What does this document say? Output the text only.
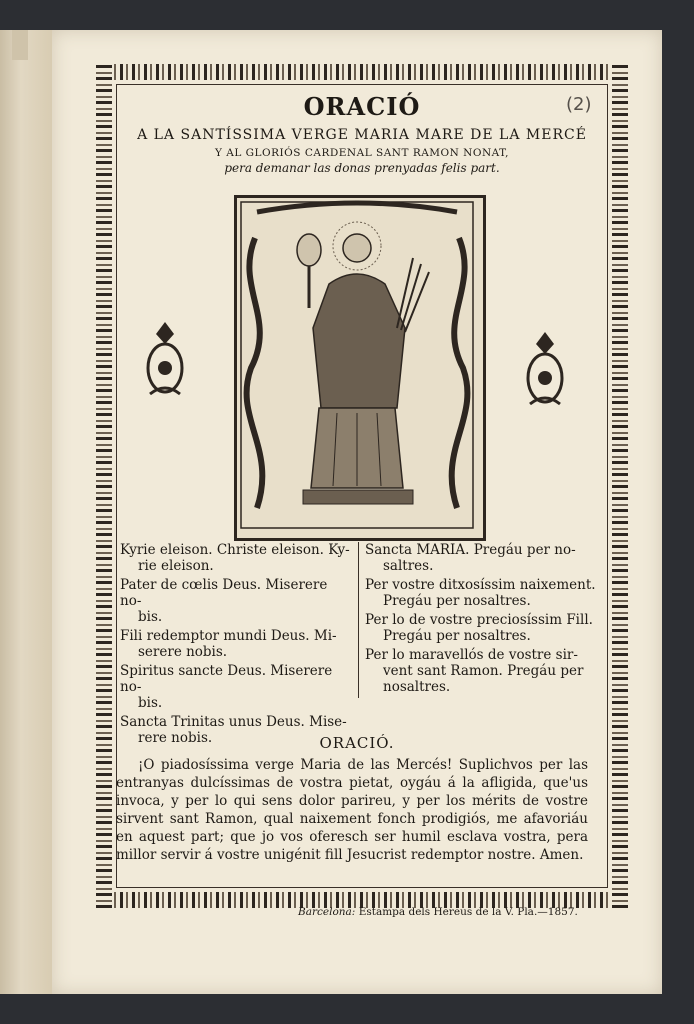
ORACIÓ
A LA SANTÍSSIMA VERGE MARIA MARE DE LA MERCÉ
Y AL GLORIÓS CARDENAL SANT RAMON NONAT,
pera demanar las donas prenyadas felis part.
(2)
Kyrie eleison. Christe eleison. Ky-
rie eleison.
Pater de cœlis Deus. Miserere no-
bis.
Fili redemptor mundi Deus. Mi-
serere nobis.
Spiritus sancte Deus. Miserere no-
bis.
Sancta Trinitas unus Deus. Mise-
rere nobis.
Sancta MARIA. Pregáu per no-
saltres.
Per vostre ditxosíssim naixement.
Pregáu per nosaltres.
Per lo de vostre preciosíssim Fill.
Pregáu per nosaltres.
Per lo maravellós de vostre sir-
vent sant Ramon. Pregáu per
nosaltres.
ORACIÓ.
¡O piadosíssima verge Maria de las Mercés! Suplichvos per las entranyas dulcíssimas de vostra pietat, oygáu á la afligida, que'us invoca, y per lo qui sens dolor parireu, y per los mérits de vostre sirvent sant Ramon, qual naixement fonch prodigiós, me afavoriáu en aquest part; que jo vos oferesch ser humil esclava vostra, pera millor servir á vostre unigénit fill Jesucrist redemptor nostre. Amen.
Barcelona: Estampa dels Hereus de la V. Pla.—1857.
